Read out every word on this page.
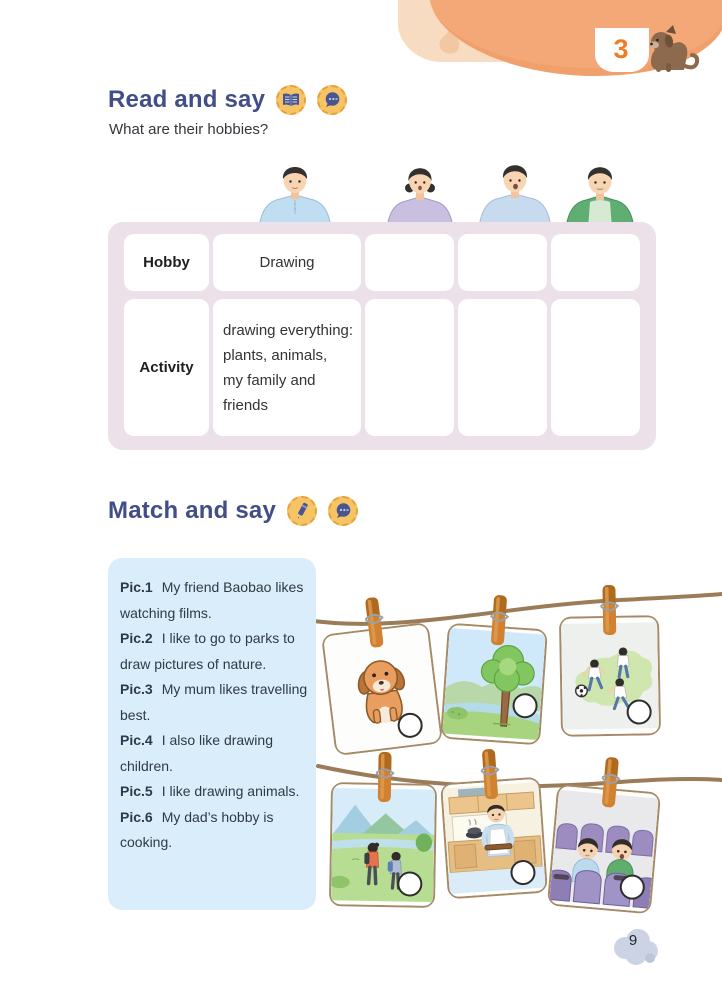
3
Read and say
What are their hobbies?
Hobby	Drawing
Activity
drawing everything:
plants, animals,
my family and
friends
Match and say

Pic.1 My friend Baobao likes watching films.

Pic.2 I like to go to parks to draw pictures of nature.

Pic.3 My mum likes travelling best.

Pic.4 I also like drawing children.

Pic.5 I like drawing animals.

Pic.6 My dad’s hobby is cooking.

9
